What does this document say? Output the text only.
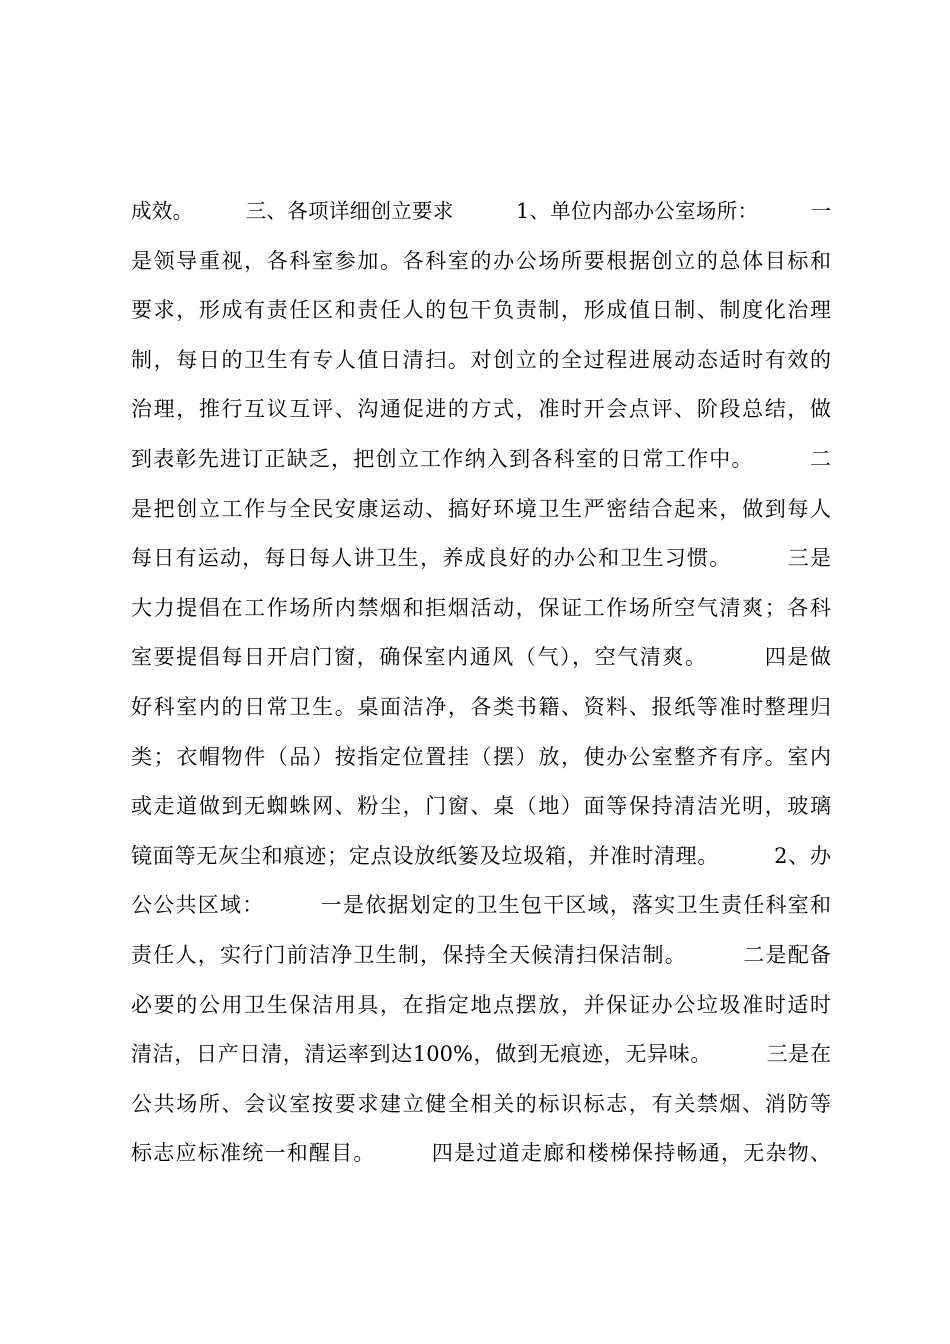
成效。　　　三、各项详细创立要求　　　1、单位内部办公室场所：　　　一
是领导重视，各科室参加。各科室的办公场所要根据创立的总体目标和
要求，形成有责任区和责任人的包干负责制，形成值日制、制度化治理
制，每日的卫生有专人值日清扫。对创立的全过程进展动态适时有效的
治理，推行互议互评、沟通促进的方式，准时开会点评、阶段总结，做
到表彰先进订正缺乏，把创立工作纳入到各科室的日常工作中。　　　二
是把创立工作与全民安康运动、搞好环境卫生严密结合起来，做到每人
每日有运动，每日每人讲卫生，养成良好的办公和卫生习惯。　　　三是
大力提倡在工作场所内禁烟和拒烟活动，保证工作场所空气清爽；各科
室要提倡每日开启门窗，确保室内通风（气），空气清爽。　　　四是做
好科室内的日常卫生。桌面洁净，各类书籍、资料、报纸等准时整理归
类；衣帽物件（品）按指定位置挂（摆）放，使办公室整齐有序。室内
或走道做到无蜘蛛网、粉尘，门窗、桌（地）面等保持清洁光明，玻璃
镜面等无灰尘和痕迹；定点设放纸篓及垃圾箱，并准时清理。　　　2、办
公公共区域：　　　一是依据划定的卫生包干区域，落实卫生责任科室和
责任人，实行门前洁净卫生制，保持全天候清扫保洁制。　　　二是配备
必要的公用卫生保洁用具，在指定地点摆放，并保证办公垃圾准时适时
清洁，日产日清，清运率到达100%，做到无痕迹，无异味。　　　三是在
公共场所、会议室按要求建立健全相关的标识标志，有关禁烟、消防等
标志应标准统一和醒目。　　　四是过道走廊和楼梯保持畅通，无杂物、
